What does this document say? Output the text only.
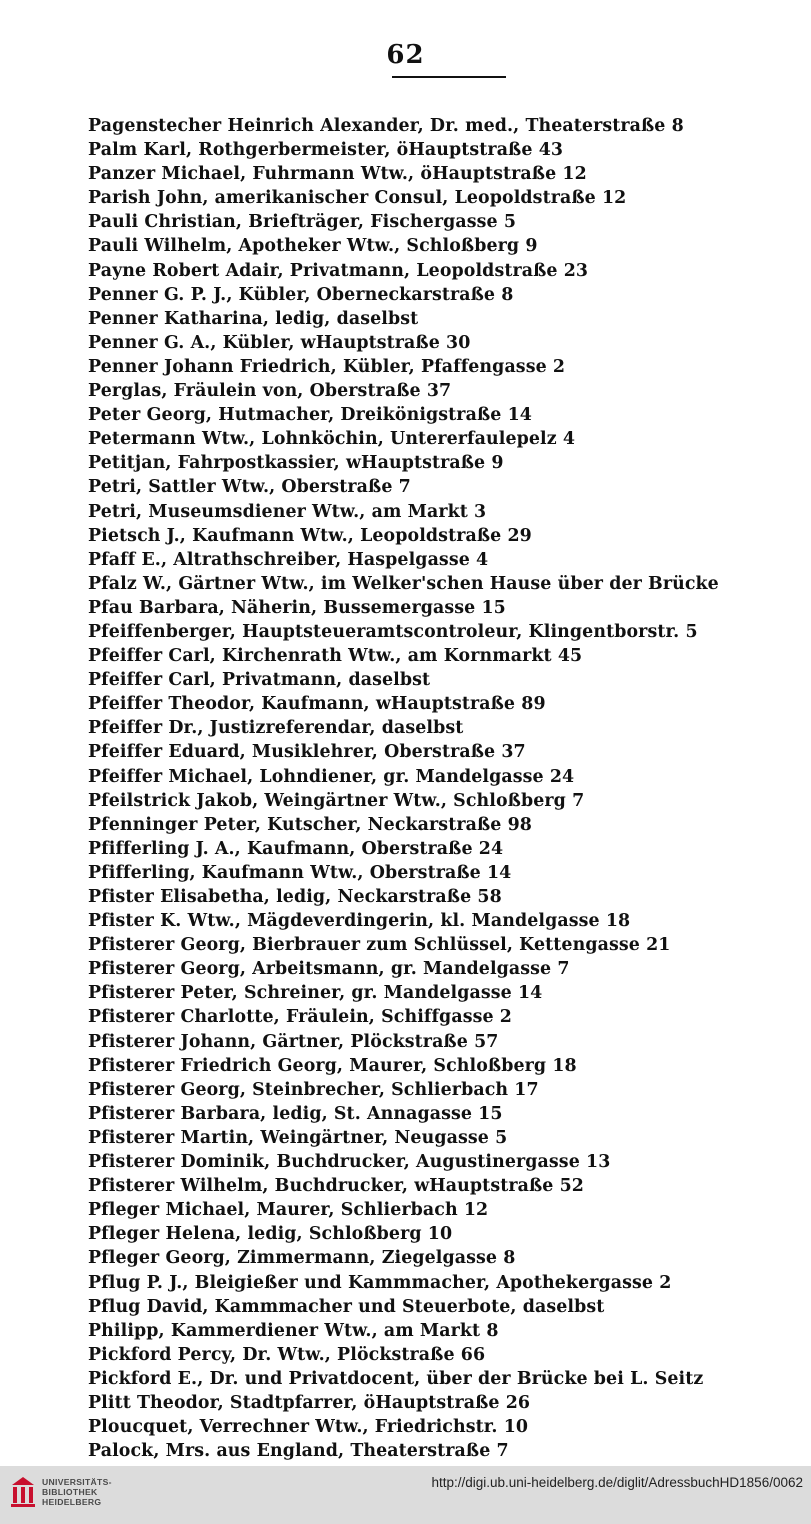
62
Pagenstecher Heinrich Alexander, Dr. med., Theaterstraße 8
Palm Karl, Rothgerbermeister, öHauptstraße 43
Panzer Michael, Fuhrmann Wtw., öHauptstraße 12
Parish John, amerikanischer Consul, Leopoldstraße 12
Pauli Christian, Briefträger, Fischergasse 5
Pauli Wilhelm, Apotheker Wtw., Schloßberg 9
Payne Robert Adair, Privatmann, Leopoldstraße 23
Penner G. P. J., Kübler, Oberneckarstraße 8
Penner Katharina, ledig, daselbst
Penner G. A., Kübler, wHauptstraße 30
Penner Johann Friedrich, Kübler, Pfaffengasse 2
Perglas, Fräulein von, Oberstraße 37
Peter Georg, Hutmacher, Dreikönigstraße 14
Petermann Wtw., Lohnköchin, Untererfaulepelz 4
Petitjan, Fahrpostkassier, wHauptstraße 9
Petri, Sattler Wtw., Oberstraße 7
Petri, Museumsdiener Wtw., am Markt 3
Pietsch J., Kaufmann Wtw., Leopoldstraße 29
Pfaff E., Altrathschreiber, Haspelgasse 4
Pfalz W., Gärtner Wtw., im Welker'schen Hause über der Brücke
Pfau Barbara, Näherin, Bussemergasse 15
Pfeiffenberger, Hauptsteueramtscontroleur, Klingentborstr. 5
Pfeiffer Carl, Kirchenrath Wtw., am Kornmarkt 45
Pfeiffer Carl, Privatmann, daselbst
Pfeiffer Theodor, Kaufmann, wHauptstraße 89
Pfeiffer Dr., Justizreferendar, daselbst
Pfeiffer Eduard, Musiklehrer, Oberstraße 37
Pfeiffer Michael, Lohndiener, gr. Mandelgasse 24
Pfeilstrick Jakob, Weingärtner Wtw., Schloßberg 7
Pfenninger Peter, Kutscher, Neckarstraße 98
Pfifferling J. A., Kaufmann, Oberstraße 24
Pfifferling, Kaufmann Wtw., Oberstraße 14
Pfister Elisabetha, ledig, Neckarstraße 58
Pfister K. Wtw., Mägdeverdingerin, kl. Mandelgasse 18
Pfisterer Georg, Bierbrauer zum Schlüssel, Kettengasse 21
Pfisterer Georg, Arbeitsmann, gr. Mandelgasse 7
Pfisterer Peter, Schreiner, gr. Mandelgasse 14
Pfisterer Charlotte, Fräulein, Schiffgasse 2
Pfisterer Johann, Gärtner, Plöckstraße 57
Pfisterer Friedrich Georg, Maurer, Schloßberg 18
Pfisterer Georg, Steinbrecher, Schlierbach 17
Pfisterer Barbara, ledig, St. Annagasse 15
Pfisterer Martin, Weingärtner, Neugasse 5
Pfisterer Dominik, Buchdrucker, Augustinergasse 13
Pfisterer Wilhelm, Buchdrucker, wHauptstraße 52
Pfleger Michael, Maurer, Schlierbach 12
Pfleger Helena, ledig, Schloßberg 10
Pfleger Georg, Zimmermann, Ziegelgasse 8
Pflug P. J., Bleigießer und Kammmacher, Apothekergasse 2
Pflug David, Kammmacher und Steuerbote, daselbst
Philipp, Kammerdiener Wtw., am Markt 8
Pickford Percy, Dr. Wtw., Plöckstraße 66
Pickford E., Dr. und Privatdocent, über der Brücke bei L. Seitz
Plitt Theodor, Stadtpfarrer, öHauptstraße 26
Ploucquet, Verrechner Wtw., Friedrichstr. 10
Palock, Mrs. aus England, Theaterstraße 7
UNIVERSITÄTS-
BIBLIOTHEK
HEIDELBERG
http://digi.ub.uni-heidelberg.de/diglit/AdressbuchHD1856/0062
